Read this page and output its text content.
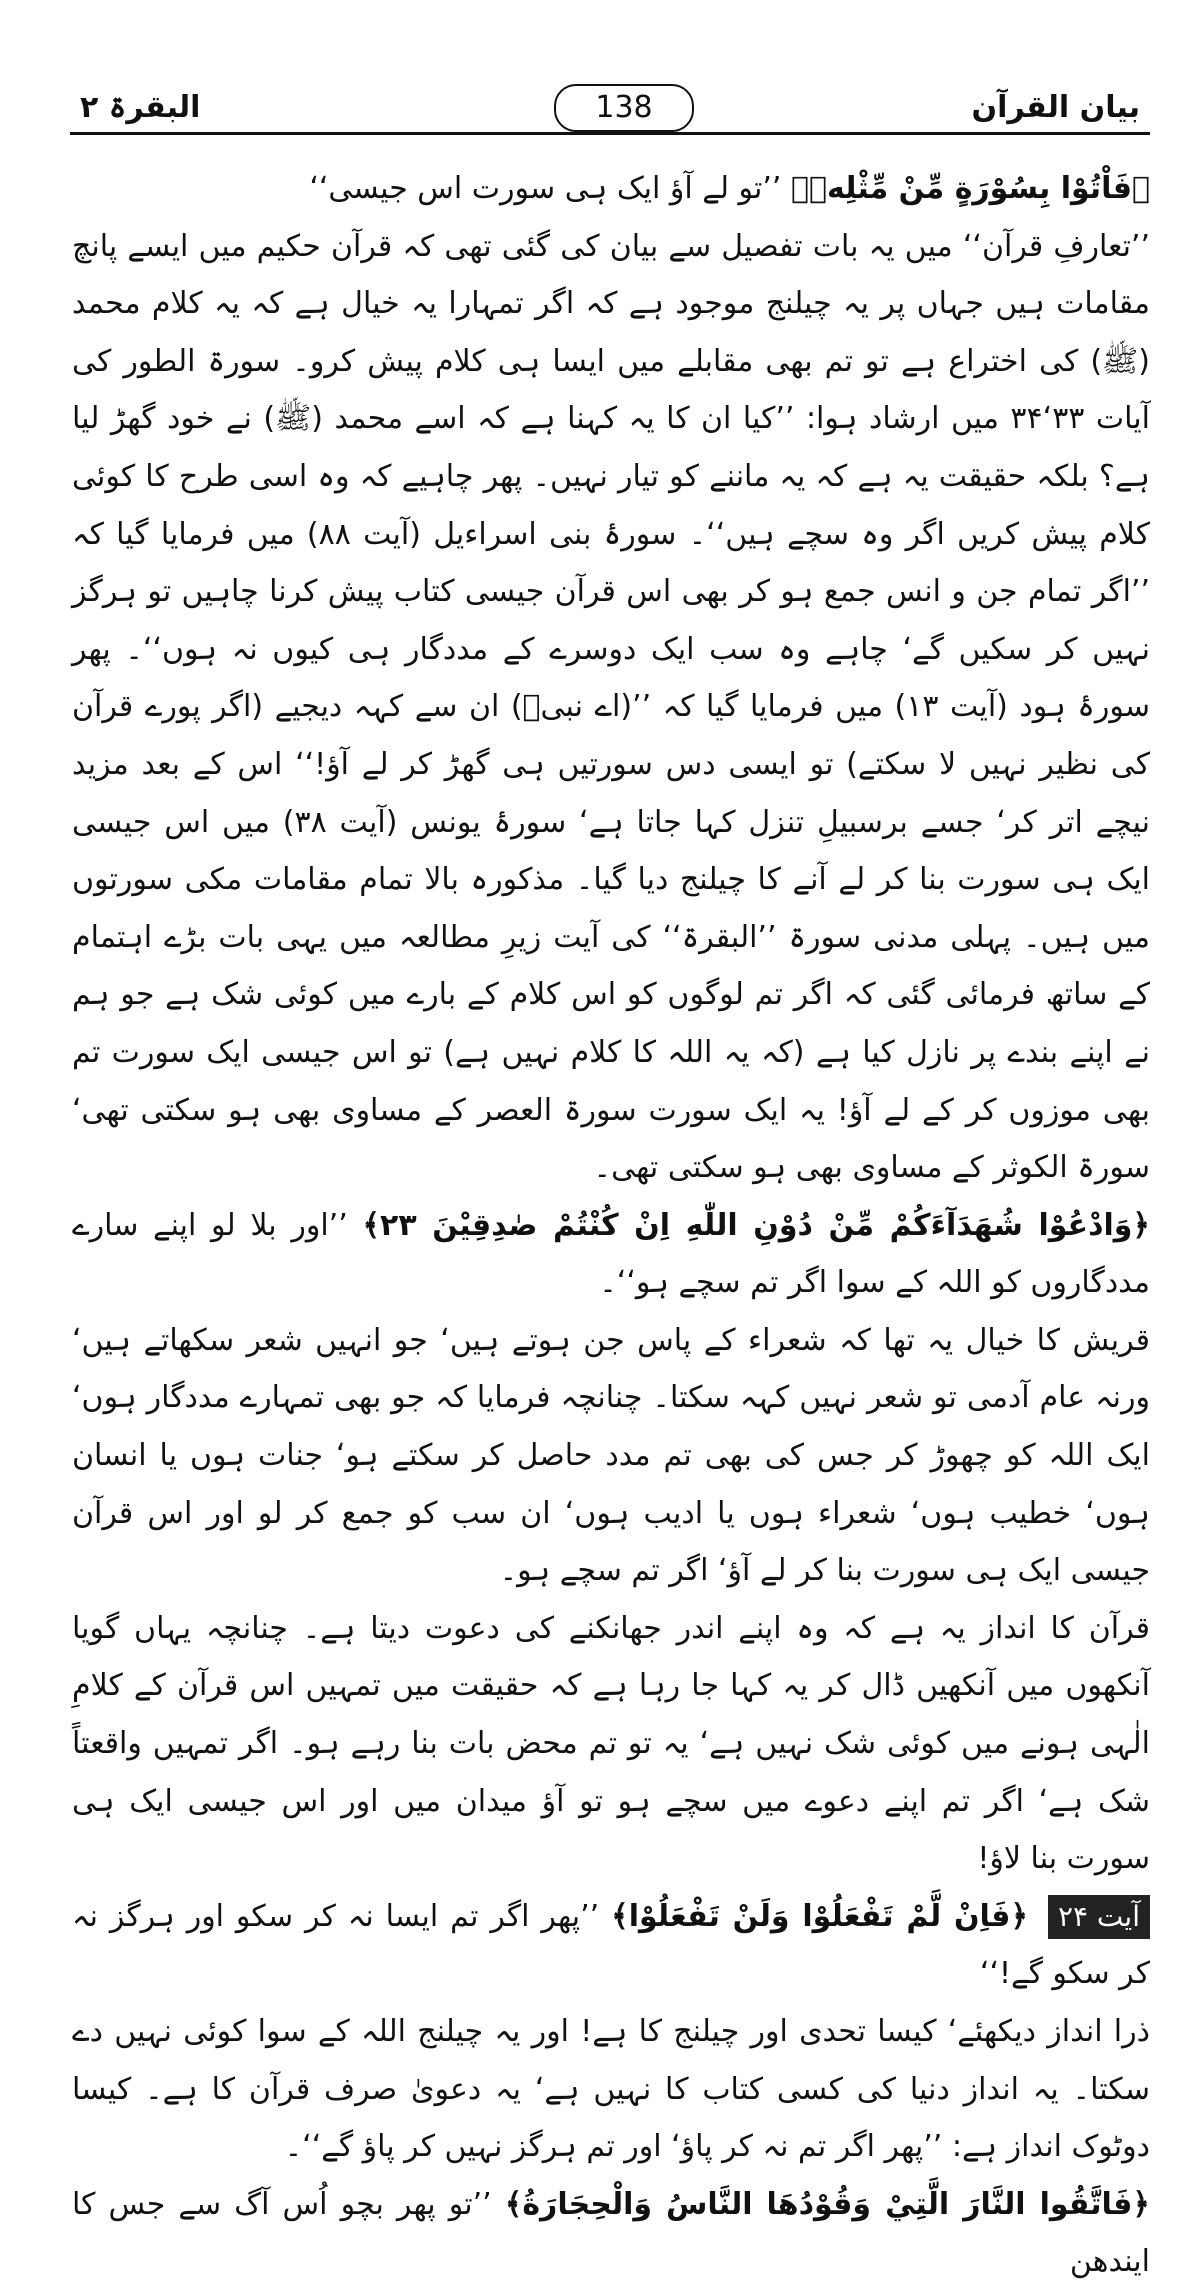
البقرۃ ۲	138	بیان القرآن

﴿فَاْتُوْا بِسُوْرَةٍ مِّنْ مِّثْلِهٖ﴾ ’’تو لے آؤ ایک ہی سورت اس جیسی‘‘

’’تعارفِ قرآن‘‘ میں یہ بات تفصیل سے بیان کی گئی تھی کہ قرآن حکیم میں ایسے پانچ مقامات ہیں جہاں پر یہ چیلنج موجود ہے کہ اگر تمہارا یہ خیال ہے کہ یہ کلام محمد (ﷺ) کی اختراع ہے تو تم بھی مقابلے میں ایسا ہی کلام پیش کرو۔ سورۃ الطور کی آیات ۳۳‘۳۴ میں ارشاد ہوا: ’’کیا ان کا یہ کہنا ہے کہ اسے محمد (ﷺ) نے خود گھڑ لیا ہے؟ بلکہ حقیقت یہ ہے کہ یہ ماننے کو تیار نہیں۔ پھر چاہیے کہ وہ اسی طرح کا کوئی کلام پیش کریں اگر وہ سچے ہیں‘‘۔ سورۂ بنی اسراءیل (آیت ۸۸) میں فرمایا گیا کہ ’’اگر تمام جن و انس جمع ہو کر بھی اس قرآن جیسی کتاب پیش کرنا چاہیں تو ہرگز نہیں کر سکیں گے‘ چاہے وہ سب ایک دوسرے کے مددگار ہی کیوں نہ ہوں‘‘۔ پھر سورۂ ہود (آیت ۱۳) میں فرمایا گیا کہ ’’(اے نبیؐ) ان سے کہہ دیجیے (اگر پورے قرآن کی نظیر نہیں لا سکتے) تو ایسی دس سورتیں ہی گھڑ کر لے آؤ!‘‘ اس کے بعد مزید نیچے اتر کر‘ جسے برسبیلِ تنزل کہا جاتا ہے‘ سورۂ یونس (آیت ۳۸) میں اس جیسی ایک ہی سورت بنا کر لے آنے کا چیلنج دیا گیا۔ مذکورہ بالا تمام مقامات مکی سورتوں میں ہیں۔ پہلی مدنی سورۃ ’’البقرۃ‘‘ کی آیت زیرِ مطالعہ میں یہی بات بڑے اہتمام کے ساتھ فرمائی گئی کہ اگر تم لوگوں کو اس کلام کے بارے میں کوئی شک ہے جو ہم نے اپنے بندے پر نازل کیا ہے (کہ یہ اللہ کا کلام نہیں ہے) تو اس جیسی ایک سورت تم بھی موزوں کر کے لے آؤ! یہ ایک سورت سورۃ العصر کے مساوی بھی ہو سکتی تھی‘ سورۃ الکوثر کے مساوی بھی ہو سکتی تھی۔

﴿وَادْعُوْا شُهَدَآءَكُمْ مِّنْ دُوْنِ اللّٰهِ اِنْ كُنْتُمْ صٰدِقِيْنَ ۲۳﴾ ’’اور بلا لو اپنے سارے مددگاروں کو اللہ کے سوا اگر تم سچے ہو‘‘۔

قریش کا خیال یہ تھا کہ شعراء کے پاس جن ہوتے ہیں‘ جو انہیں شعر سکھاتے ہیں‘ ورنہ عام آدمی تو شعر نہیں کہہ سکتا۔ چنانچہ فرمایا کہ جو بھی تمہارے مددگار ہوں‘ ایک اللہ کو چھوڑ کر جس کی بھی تم مدد حاصل کر سکتے ہو‘ جنات ہوں یا انسان ہوں‘ خطیب ہوں‘ شعراء ہوں یا ادیب ہوں‘ ان سب کو جمع کر لو اور اس قرآن جیسی ایک ہی سورت بنا کر لے آؤ‘ اگر تم سچے ہو۔

قرآن کا انداز یہ ہے کہ وہ اپنے اندر جھانکنے کی دعوت دیتا ہے۔ چنانچہ یہاں گویا آنکھوں میں آنکھیں ڈال کر یہ کہا جا رہا ہے کہ حقیقت میں تمہیں اس قرآن کے کلامِ الٰہی ہونے میں کوئی شک نہیں ہے‘ یہ تو تم محض بات بنا رہے ہو۔ اگر تمہیں واقعتاً شک ہے‘ اگر تم اپنے دعوے میں سچے ہو تو آؤ میدان میں اور اس جیسی ایک ہی سورت بنا لاؤ!

آیت ۲۴ ﴿فَاِنْ لَّمْ تَفْعَلُوْا وَلَنْ تَفْعَلُوْا﴾ ’’پھر اگر تم ایسا نہ کر سکو اور ہرگز نہ کر سکو گے!‘‘

ذرا انداز دیکھئے‘ کیسا تحدی اور چیلنج کا ہے! اور یہ چیلنج اللہ کے سوا کوئی نہیں دے سکتا۔ یہ انداز دنیا کی کسی کتاب کا نہیں ہے‘ یہ دعویٰ صرف قرآن کا ہے۔ کیسا دوٹوک انداز ہے: ’’پھر اگر تم نہ کر پاؤ‘ اور تم ہرگز نہیں کر پاؤ گے‘‘۔

﴿فَاتَّقُوا النَّارَ الَّتِيْ وَقُوْدُهَا النَّاسُ وَالْحِجَارَةُ﴾ ’’تو پھر بچو اُس آگ سے جس کا ایندھن
